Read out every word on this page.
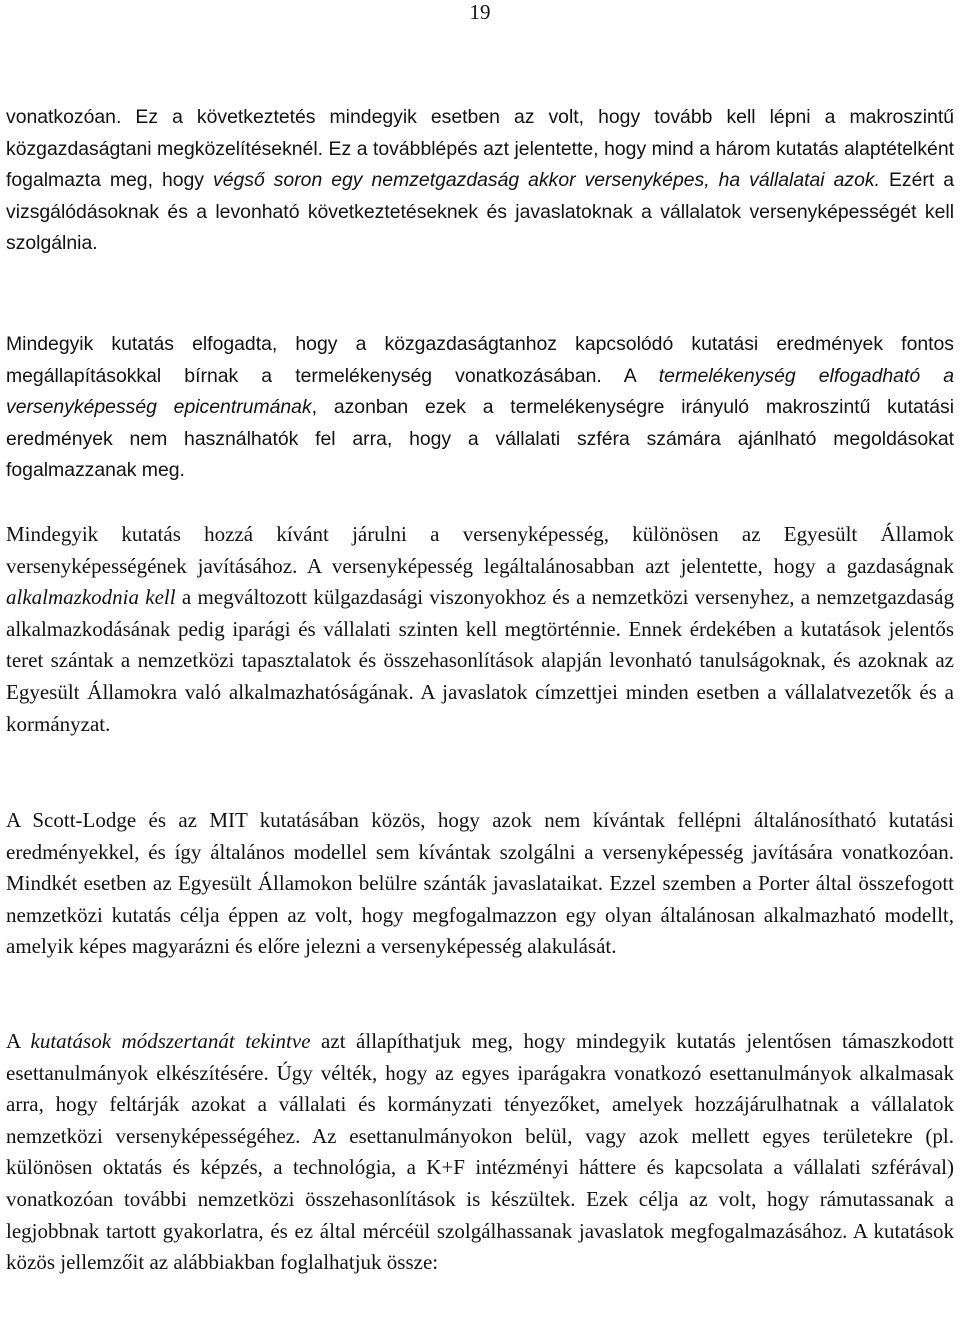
19

vonatkozóan. Ez a következtetés mindegyik esetben az volt, hogy tovább kell lépni a makroszintű közgazdaságtani megközelítéseknél. Ez a továbblépés azt jelentette, hogy mind a három kutatás alaptételként fogalmazta meg, hogy végső soron egy nemzetgazdaság akkor versenyképes, ha vállalatai azok. Ezért a vizsgálódásoknak és a levonható következtetéseknek és javaslatoknak a vállalatok versenyképességét kell szolgálnia.

Mindegyik kutatás elfogadta, hogy a közgazdaságtanhoz kapcsolódó kutatási eredmények fontos megállapításokkal bírnak a termelékenység vonatkozásában. A termelékenység elfogadható a versenyképesség epicentrumának, azonban ezek a termelékenységre irányuló makroszintű kutatási eredmények nem használhatók fel arra, hogy a vállalati szféra számára ajánlható megoldásokat fogalmazzanak meg.

Mindegyik kutatás hozzá kívánt járulni a versenyképesség, különösen az Egyesült Államok versenyképességének javításához. A versenyképesség legáltalánosabban azt jelentette, hogy a gazdaságnak alkalmazkodnia kell a megváltozott külgazdasági viszonyokhoz és a nemzetközi versenyhez, a nemzetgazdaság alkalmazkodásának pedig iparági és vállalati szinten kell megtörténnie. Ennek érdekében a kutatások jelentős teret szántak a nemzetközi tapasztalatok és összehasonlítások alapján levonható tanulságoknak, és azoknak az Egyesült Államokra való alkalmazhatóságának. A javaslatok címzettjei minden esetben a vállalatvezetők és a kormányzat.

A Scott-Lodge és az MIT kutatásában közös, hogy azok nem kívántak fellépni általánosítható kutatási eredményekkel, és így általános modellel sem kívántak szolgálni a versenyképesség javítására vonatkozóan. Mindkét esetben az Egyesült Államokon belülre szánták javaslataikat. Ezzel szemben a Porter által összefogott nemzetközi kutatás célja éppen az volt, hogy megfogalmazzon egy olyan általánosan alkalmazható modellt, amelyik képes magyarázni és előre jelezni a versenyképesség alakulását.

A kutatások módszertanát tekintve azt állapíthatjuk meg, hogy mindegyik kutatás jelentősen támaszkodott esettanulmányok elkészítésére. Úgy vélték, hogy az egyes iparágakra vonatkozó esettanulmányok alkalmasak arra, hogy feltárják azokat a vállalati és kormányzati tényezőket, amelyek hozzájárulhatnak a vállalatok nemzetközi versenyképességéhez. Az esettanulmányokon belül, vagy azok mellett egyes területekre (pl. különösen oktatás és képzés, a technológia, a K+F intézményi háttere és kapcsolata a vállalati szférával) vonatkozóan további nemzetközi összehasonlítások is készültek. Ezek célja az volt, hogy rámutassanak a legjobbnak tartott gyakorlatra, és ez által mércéül szolgálhassanak javaslatok megfogalmazásához. A kutatások közös jellemzőit az alábbiakban foglalhatjuk össze:
